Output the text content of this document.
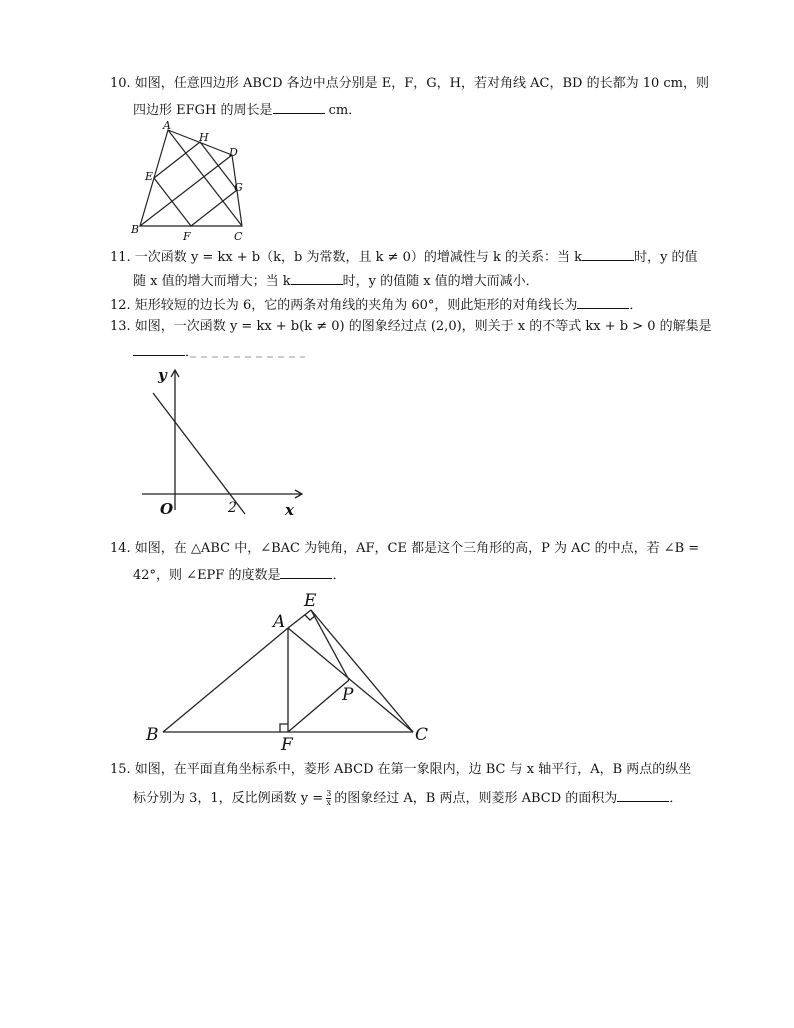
10. 如图，任意四边形 ABCD 各边中点分别是 E，F，G，H，若对角线 AC，BD 的长都为 10 cm，则
四边形 EFGH 的周长是	cm．
A
H
D
E
G
B
F	C
11. 一次函数 y = kx + b（k，b 为常数，且 k ≠ 0）的增减性与 k 的关系：当 k	时，y 的值
随 x 值的增大而增大；当 k	时，y 的值随 x 值的增大而减小．
12. 矩形较短的边长为 6，它的两条对角线的夹角为 60°，则此矩形的对角线长为	．
13. 如图，一次函数 y = kx + b(k ≠ 0) 的图象经过点 (2,0)，则关于 x 的不等式 kx + b > 0 的解集是
．
y
x
O	2
14. 如图，在 △ABC 中，∠BAC 为钝角，AF，CE 都是这个三角形的高，P 为 AC 的中点，若 ∠B =
42°，则 ∠EPF 的度数是	．
E
A
P
B	F	C
15. 如图，在平面直角坐标系中，菱形 ABCD 在第一象限内，边 BC 与 x 轴平行，A，B 两点的纵坐
标分别为 3，1，反比例函数 $y = \frac{3}{x}$ 的图象经过 A，B 两点，则菱形 ABCD 的面积为	．
